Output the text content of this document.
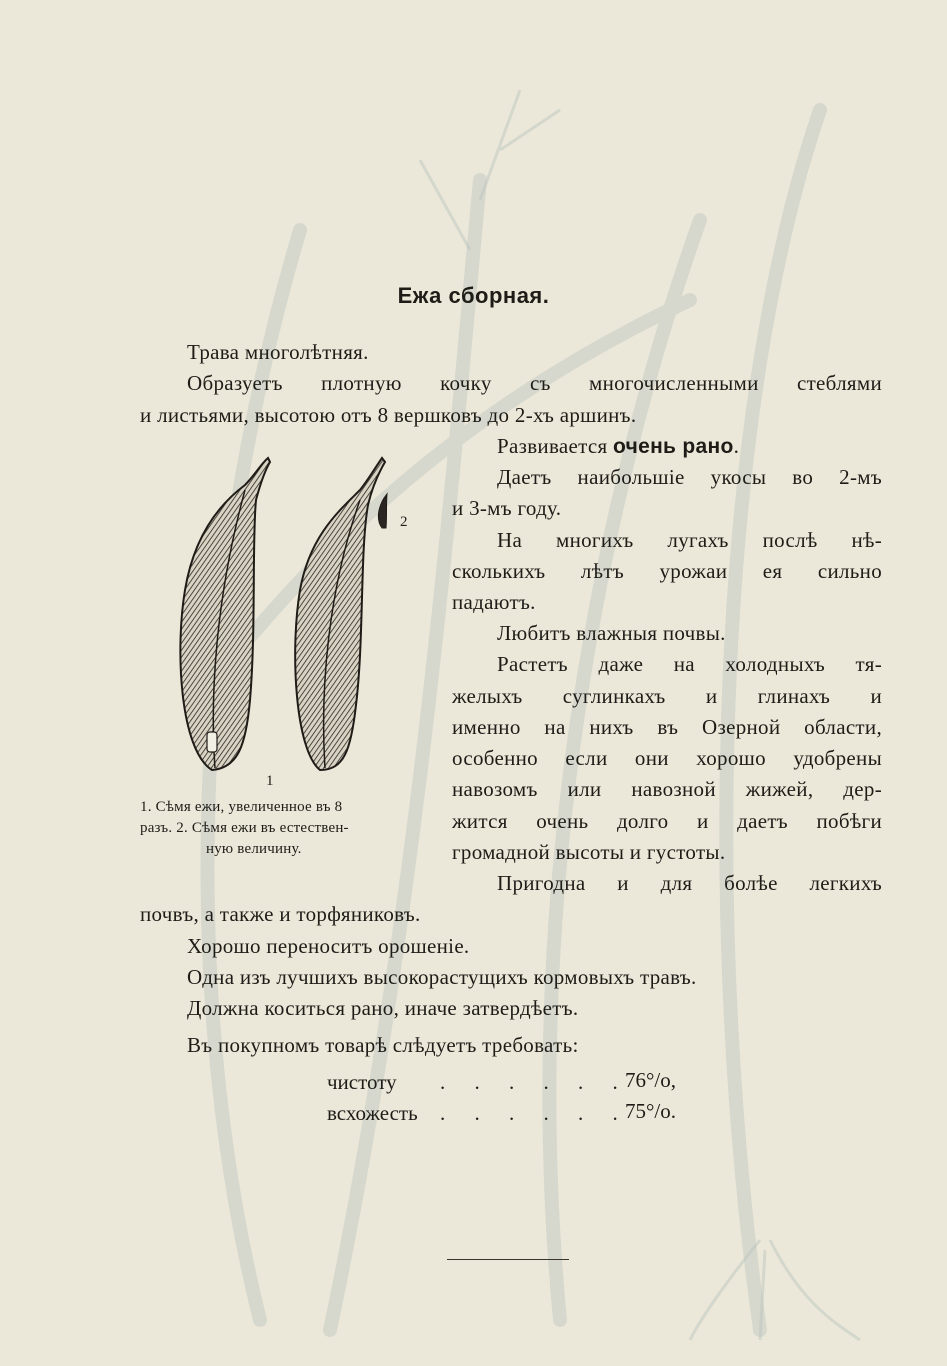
Ежа сборная.
Трава многолѣтняя.
Образуетъ плотную кочку съ многочисленными стеблями
и листьями, высотою отъ 8 вершковъ до 2-хъ аршинъ.
Развивается очень рано.
Даетъ наибольшіе укосы во 2-мъ
и 3-мъ году.
На многихъ лугахъ послѣ нѣ-
сколькихъ лѣтъ урожаи ея сильно
падаютъ.
Любитъ влажныя почвы.
Растетъ даже на холодныхъ тя-
желыхъ суглинкахъ и глинахъ и
именно на нихъ въ Озерной области,
особенно если они хорошо удобрены
навозомъ или навозной жижей, дер-
жится очень долго и даетъ побѣги
громадной высоты и густоты.
Пригодна и для болѣе легкихъ
почвъ, а также и торфяниковъ.
Хорошо переноситъ орошеніе.
Одна изъ лучшихъ высокорастущихъ кормовыхъ травъ.
Должна коситься рано, иначе затвердѣетъ.
Въ покупномъ товарѣ слѣдуетъ требовать:
2
1
1. Сѣмя ежи, увеличенное въ 8
разъ. 2. Сѣмя ежи въ естествен-
ную величину.
чистоту . . . . . .
76°/o,
всхожесть . . . . . .
75°/o.
